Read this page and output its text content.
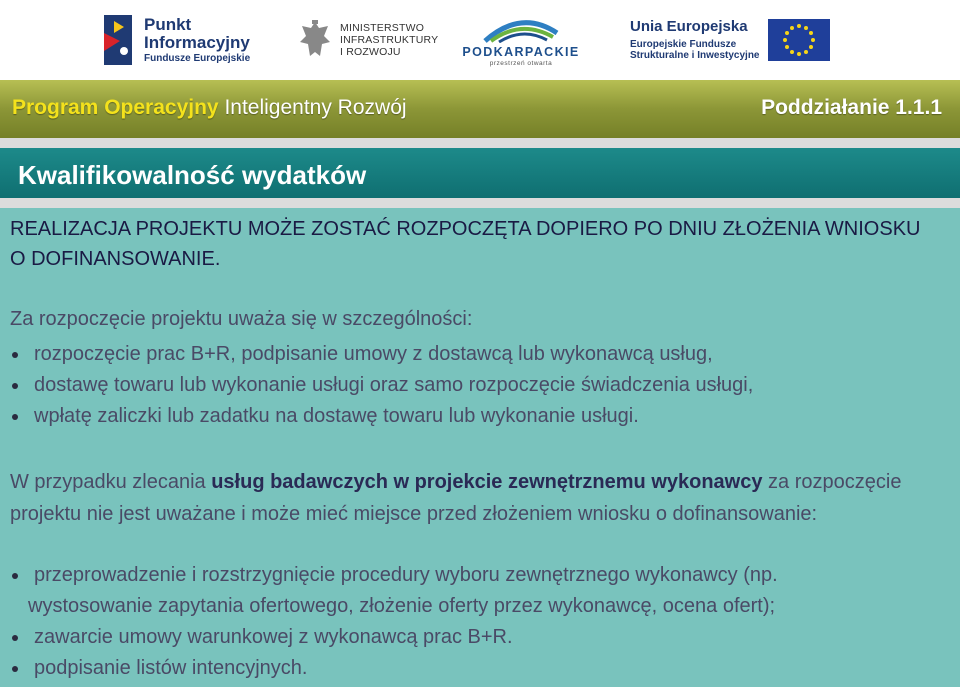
Punkt
Informacyjny
Fundusze Europejskie
MINISTERSTWO
INFRASTRUKTURY
I ROZWOJU	PODKARPACKIE
przestrzeń otwarta
Unia Europejska
Europejskie Fundusze
Strukturalne i Inwestycyjne
Program Operacyjny Inteligentny Rozwój	Poddziałanie 1.1.1
Kwalifikowalność wydatków
REALIZACJA PROJEKTU MOŻE ZOSTAĆ ROZPOCZĘTA DOPIERO PO DNIU ZŁOŻENIA WNIOSKU O DOFINANSOWANIE.
Za rozpoczęcie projektu uważa się w szczególności:
rozpoczęcie prac B+R, podpisanie umowy z dostawcą lub wykonawcą usług,
dostawę towaru lub wykonanie usługi oraz samo rozpoczęcie świadczenia usługi,
wpłatę zaliczki lub zadatku na dostawę towaru lub wykonanie usługi.
W przypadku zlecania usług badawczych w projekcie zewnętrznemu wykonawcy za rozpoczęcie projektu nie jest uważane i może mieć miejsce przed złożeniem wniosku o dofinansowanie:
przeprowadzenie i rozstrzygnięcie procedury wyboru zewnętrznego wykonawcy (np.
wystosowanie zapytania ofertowego, złożenie oferty przez wykonawcę, ocena ofert);
zawarcie umowy warunkowej z wykonawcą prac B+R.
podpisanie listów intencyjnych.
